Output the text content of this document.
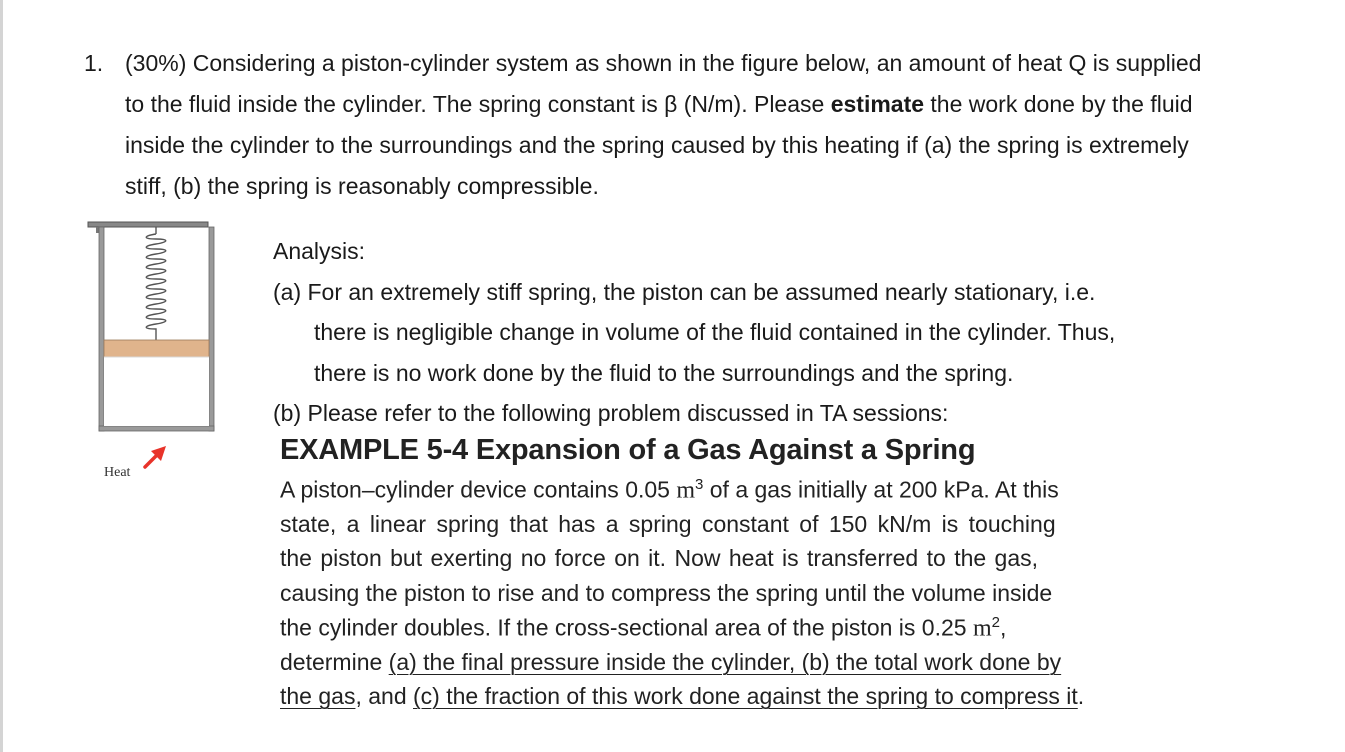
1. (30%) Considering a piston-cylinder system as shown in the figure below, an amount of heat Q is supplied
to the fluid inside the cylinder. The spring constant is β (N/m). Please estimate the work done by the fluid
inside the cylinder to the surroundings and the spring caused by this heating if (a) the spring is extremely
stiff, (b) the spring is reasonably compressible.
Heat
Analysis:
(a) For an extremely stiff spring, the piston can be assumed nearly stationary, i.e.
there is negligible change in volume of the fluid contained in the cylinder. Thus,
there is no work done by the fluid to the surroundings and the spring.
(b) Please refer to the following problem discussed in TA sessions:
EXAMPLE 5-4 Expansion of a Gas Against a Spring
A piston–cylinder device contains 0.05 $m^3$ of a gas initially at 200 kPa. At this
state, a linear spring that has a spring constant of 150 kN/m is touching
the piston but exerting no force on it. Now heat is transferred to the gas,
causing the piston to rise and to compress the spring until the volume inside
the cylinder doubles. If the cross-sectional area of the piston is 0.25 $m^2$,
determine (a) the final pressure inside the cylinder, (b) the total work done by
the gas, and (c) the fraction of this work done against the spring to compress it.
